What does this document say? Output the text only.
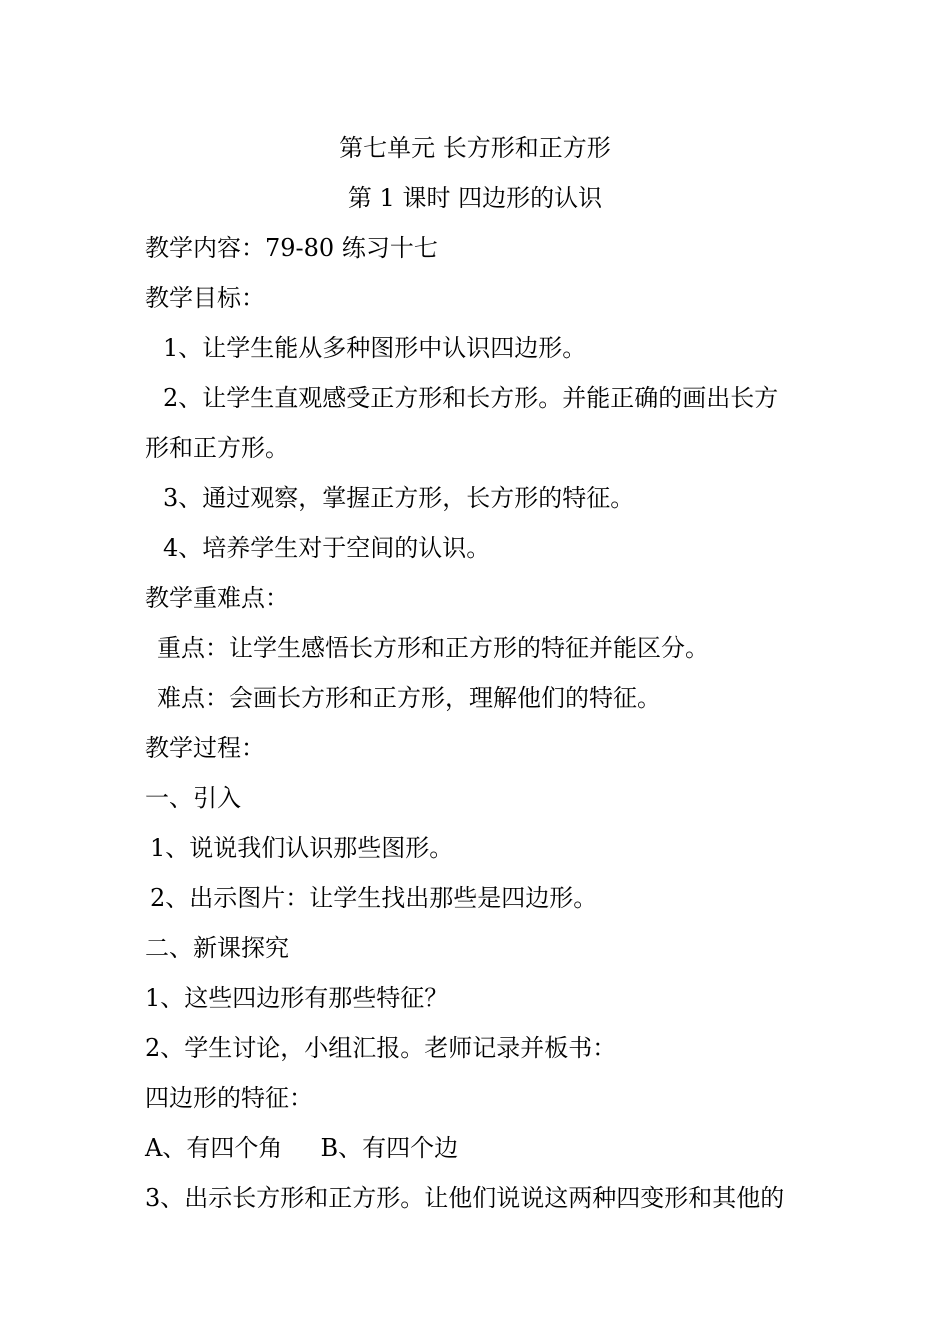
第七单元 长方形和正方形
第 1 课时 四边形的认识
教学内容：79-80 练习十七
教学目标：
1、让学生能从多种图形中认识四边形。
2、让学生直观感受正方形和长方形。并能正确的画出长方
形和正方形。
3、通过观察，掌握正方形，长方形的特征。
4、培养学生对于空间的认识。
教学重难点：
重点：让学生感悟长方形和正方形的特征并能区分。
难点：会画长方形和正方形，理解他们的特征。
教学过程：
一、引入
1、说说我们认识那些图形。
2、出示图片：让学生找出那些是四边形。
二、新课探究
1、这些四边形有那些特征？
2、学生讨论，小组汇报。老师记录并板书：
四边形的特征：
A、有四个角     B、有四个边
3、出示长方形和正方形。让他们说说这两种四变形和其他的
